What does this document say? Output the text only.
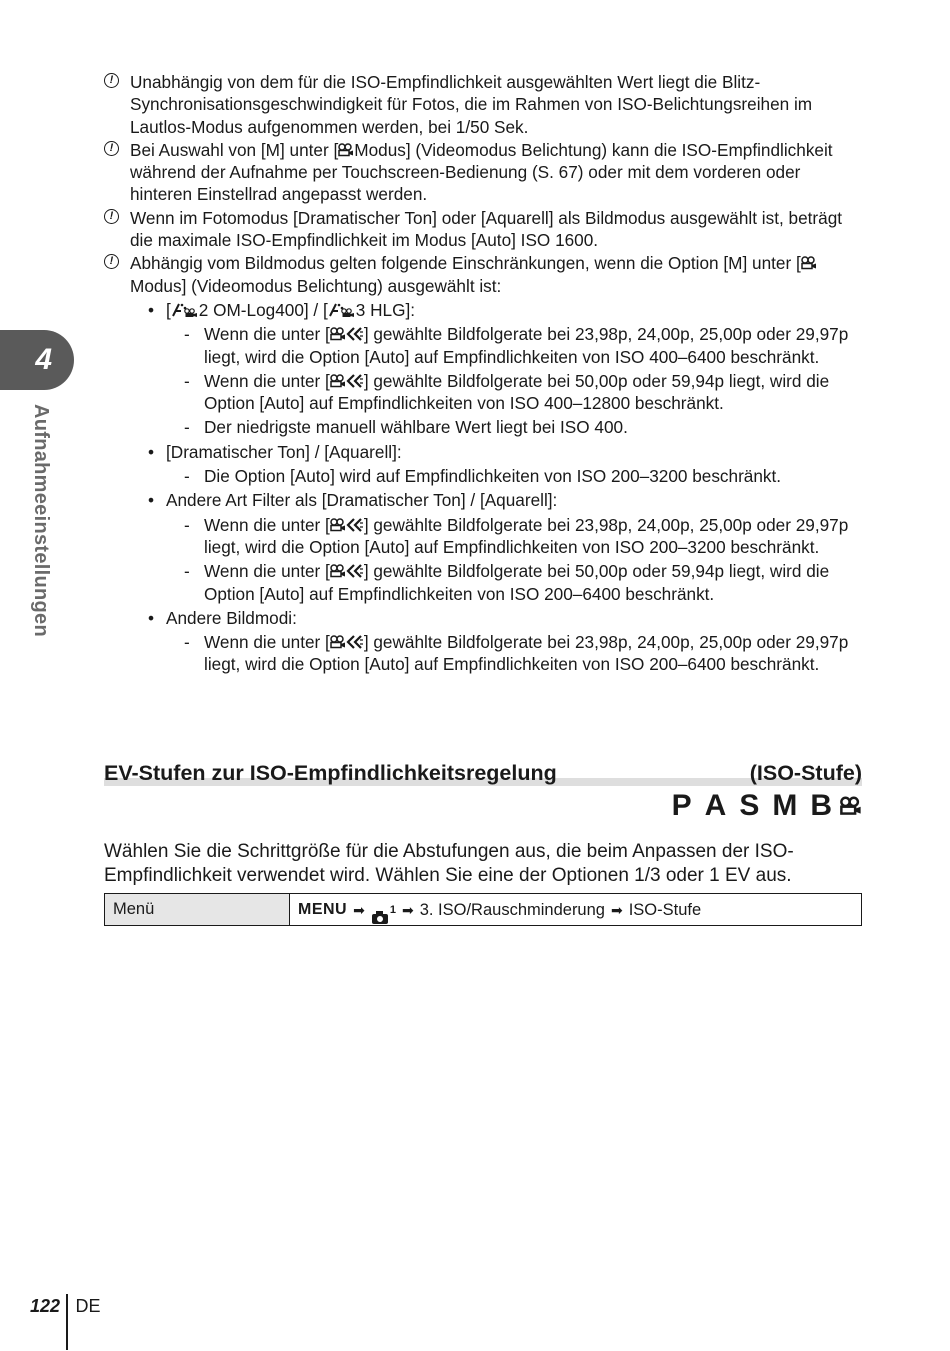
! Unabhängig von dem für die ISO-Empfindlichkeit ausgewählten Wert liegt die Blitz-Synchronisationsgeschwindigkeit für Fotos, die im Rahmen von ISO-Belichtungsreihen im Lautlos-Modus aufgenommen werden, bei 1/50 Sek.
! Bei Auswahl von [M] unter [ Modus] (Videomodus Belichtung) kann die ISO-Empfindlichkeit während der Aufnahme per Touchscreen-Bedienung (S. 67) oder mit dem vorderen oder hinteren Einstellrad angepasst werden.
! Wenn im Fotomodus [Dramatischer Ton] oder [Aquarell] als Bildmodus ausgewählt ist, beträgt die maximale ISO-Empfindlichkeit im Modus [Auto] ISO 1600.
! Abhängig vom Bildmodus gelten folgende Einschränkungen, wenn die Option [M] unter [
Modus] (Videomodus Belichtung) ausgewählt ist:
• [ 2 OM-Log400] / [ 3 HLG]:
- Wenn die unter [ ] gewählte Bildfolgerate bei 23,98p, 24,00p, 25,00p oder 29,97p liegt, wird die Option [Auto] auf Empfindlichkeiten von ISO 400–6400 beschränkt.
- Wenn die unter [ ] gewählte Bildfolgerate bei 50,00p oder 59,94p liegt, wird die Option [Auto] auf Empfindlichkeiten von ISO 400–12800 beschränkt.
- Der niedrigste manuell wählbare Wert liegt bei ISO 400.
• [Dramatischer Ton] / [Aquarell]:
- Die Option [Auto] wird auf Empfindlichkeiten von ISO 200–3200 beschränkt.
• Andere Art Filter als [Dramatischer Ton] / [Aquarell]:
- Wenn die unter [ ] gewählte Bildfolgerate bei 23,98p, 24,00p, 25,00p oder 29,97p liegt, wird die Option [Auto] auf Empfindlichkeiten von ISO 200–3200 beschränkt.
- Wenn die unter [ ] gewählte Bildfolgerate bei 50,00p oder 59,94p liegt, wird die Option [Auto] auf Empfindlichkeiten von ISO 200–6400 beschränkt.
• Andere Bildmodi:
- Wenn die unter [ ] gewählte Bildfolgerate bei 23,98p, 24,00p, 25,00p oder 29,97p liegt, wird die Option [Auto] auf Empfindlichkeiten von ISO 200–6400 beschränkt.
EV-Stufen zur ISO-Empfindlichkeitsregelung	(ISO-Stufe)
P A S M B
Wählen Sie die Schrittgröße für die Abstufungen aus, die beim Anpassen der ISO-Empfindlichkeit verwendet wird. Wählen Sie eine der Optionen 1/3 oder 1 EV aus.
Menü	MENU ➡ 1 ➡ 3. ISO/Rauschminderung ➡ ISO-Stufe
4
Aufnahmeeinstellungen
122 DE
